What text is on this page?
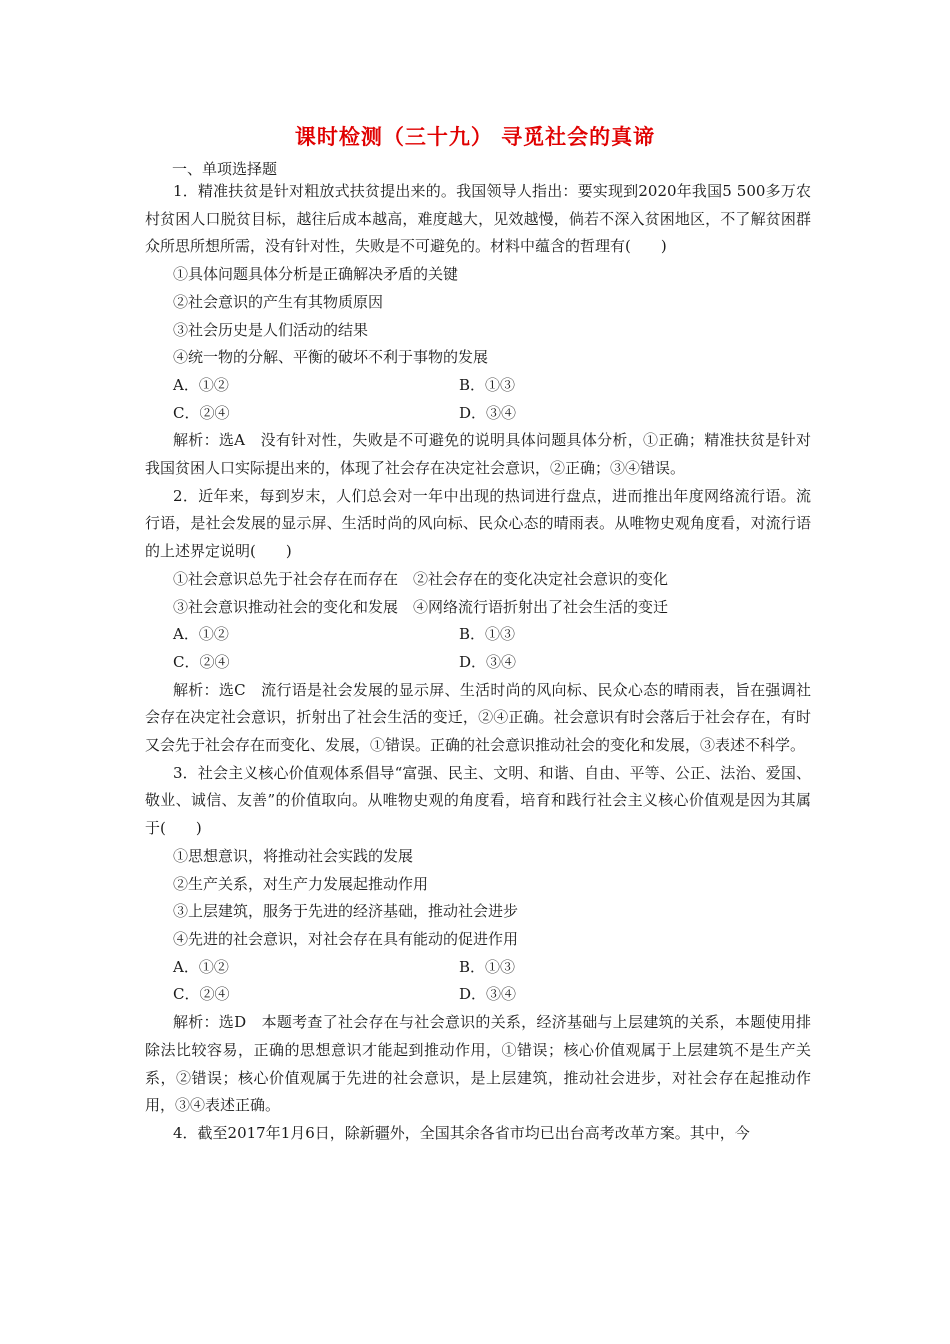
课时检测（三十九） 寻觅社会的真谛
一、单项选择题

1．精准扶贫是针对粗放式扶贫提出来的。我国领导人指出：要实现到2020年我国5 500多万农村贫困人口脱贫目标，越往后成本越高，难度越大，见效越慢，倘若不深入贫困地区，不了解贫困群众所思所想所需，没有针对性，失败是不可避免的。材料中蕴含的哲理有(　　)

①具体问题具体分析是正确解决矛盾的关键

②社会意识的产生有其物质原因

③社会历史是人们活动的结果

④统一物的分解、平衡的破坏不利于事物的发展

A．①②	B．①③
C．②④	D．③④

解析：选A　没有针对性，失败是不可避免的说明具体问题具体分析，①正确；精准扶贫是针对我国贫困人口实际提出来的，体现了社会存在决定社会意识，②正确；③④错误。

2．近年来，每到岁末，人们总会对一年中出现的热词进行盘点，进而推出年度网络流行语。流行语，是社会发展的显示屏、生活时尚的风向标、民众心态的晴雨表。从唯物史观角度看，对流行语的上述界定说明(　　)

①社会意识总先于社会存在而存在　②社会存在的变化决定社会意识的变化

③社会意识推动社会的变化和发展　④网络流行语折射出了社会生活的变迁

A．①②	B．①③
C．②④	D．③④

解析：选C　流行语是社会发展的显示屏、生活时尚的风向标、民众心态的晴雨表，旨在强调社会存在决定社会意识，折射出了社会生活的变迁，②④正确。社会意识有时会落后于社会存在，有时又会先于社会存在而变化、发展，①错误。正确的社会意识推动社会的变化和发展，③表述不科学。

3．社会主义核心价值观体系倡导“富强、民主、文明、和谐、自由、平等、公正、法治、爱国、敬业、诚信、友善”的价值取向。从唯物史观的角度看，培育和践行社会主义核心价值观是因为其属于(　　)

①思想意识，将推动社会实践的发展

②生产关系，对生产力发展起推动作用

③上层建筑，服务于先进的经济基础，推动社会进步

④先进的社会意识，对社会存在具有能动的促进作用

A．①②	B．①③
C．②④	D．③④

解析：选D　本题考查了社会存在与社会意识的关系，经济基础与上层建筑的关系，本题使用排除法比较容易，正确的思想意识才能起到推动作用，①错误；核心价值观属于上层建筑不是生产关系，②错误；核心价值观属于先进的社会意识，是上层建筑，推动社会进步，对社会存在起推动作用，③④表述正确。

4．截至2017年1月6日，除新疆外，全国其余各省市均已出台高考改革方案。其中，今
